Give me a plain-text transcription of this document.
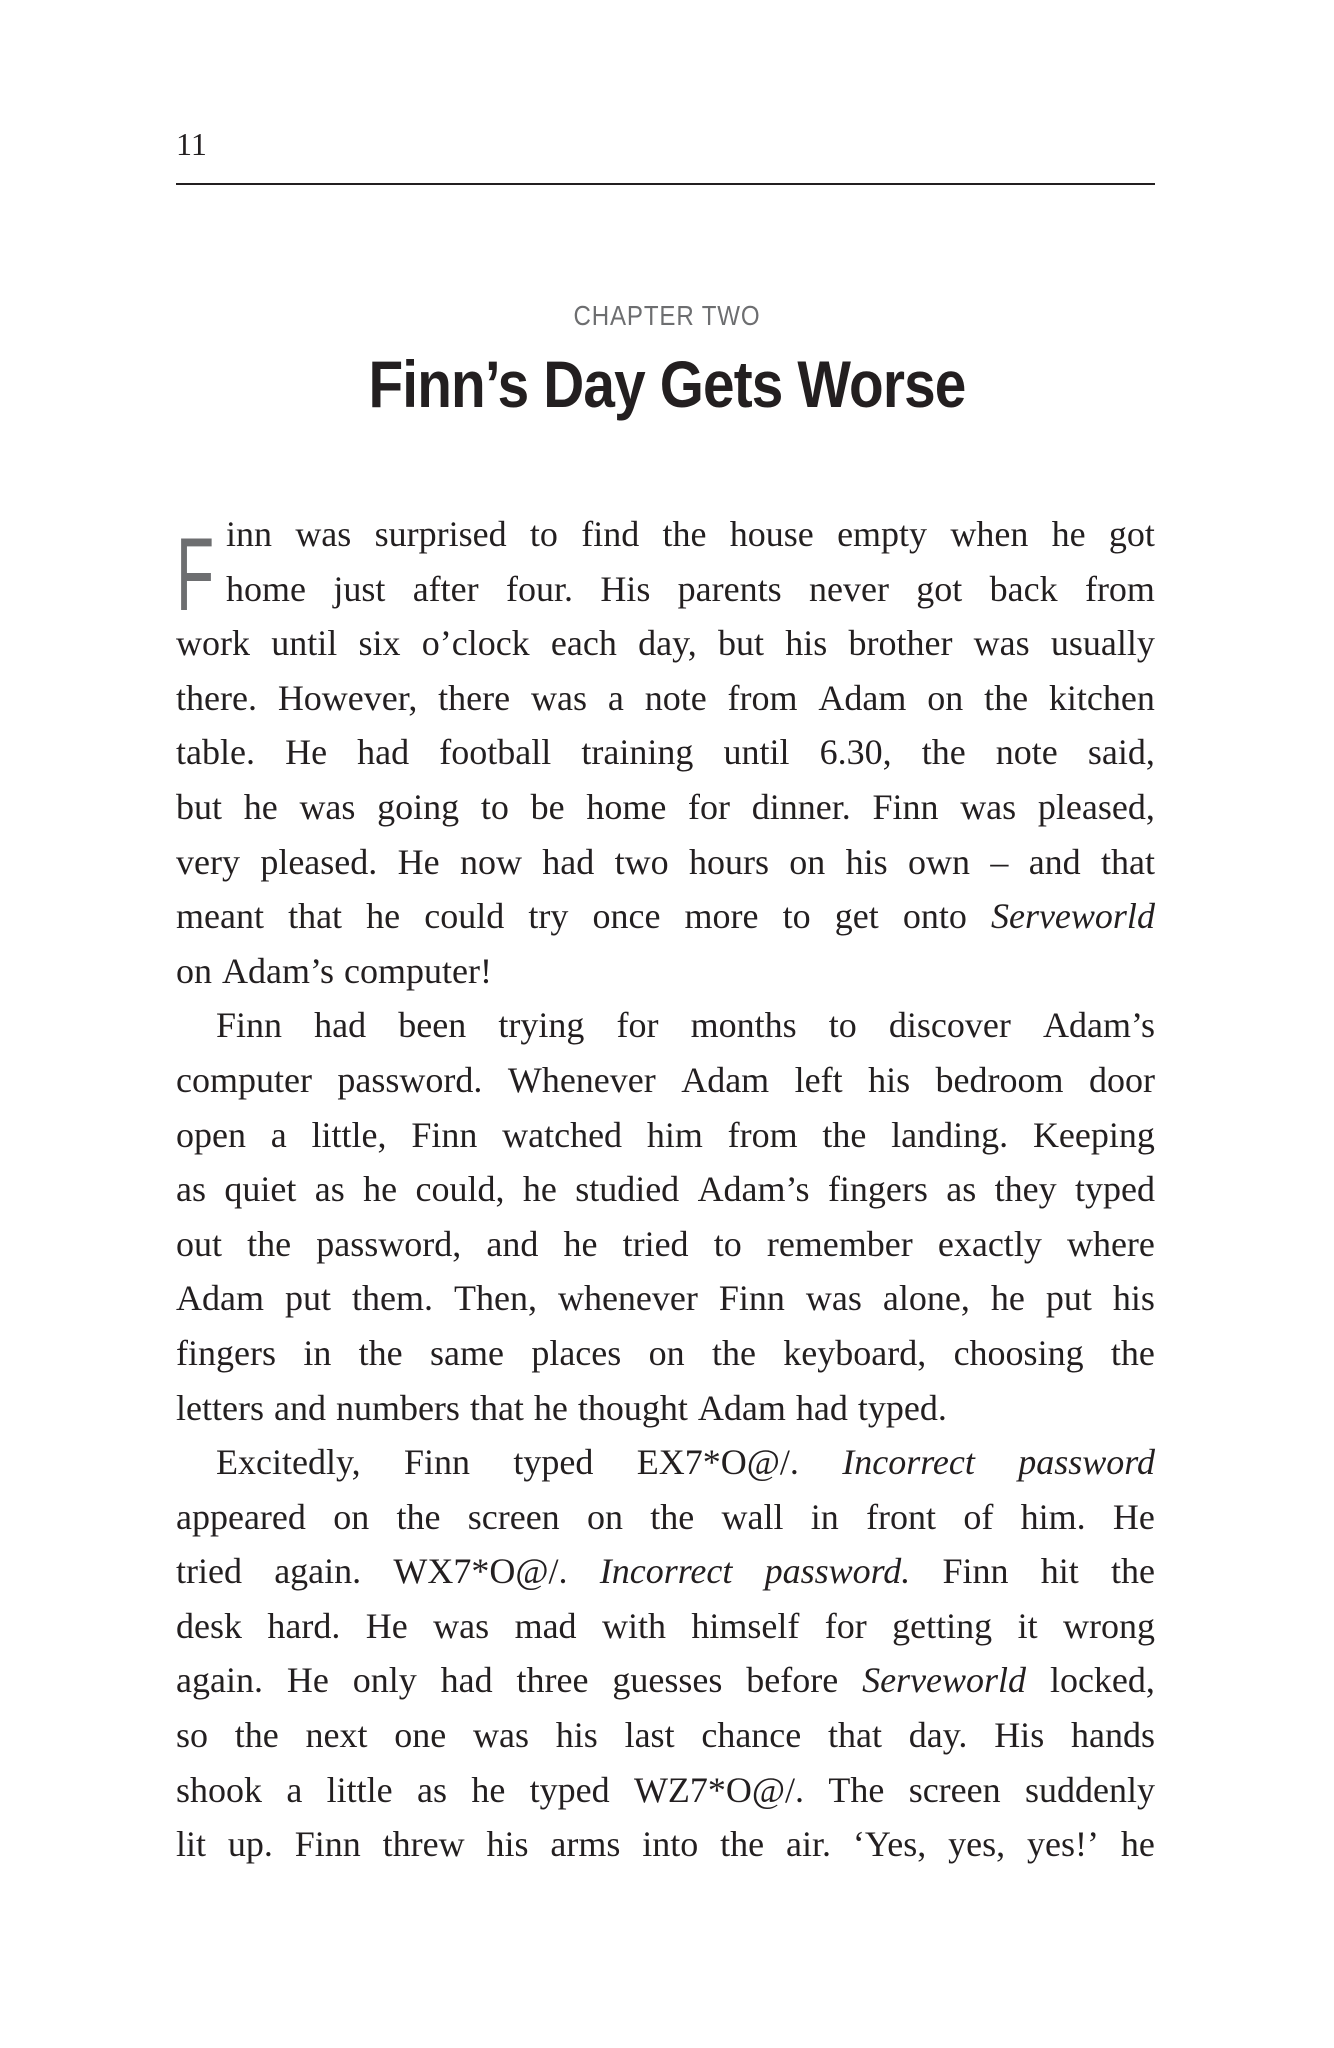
11
CHAPTER TWO
Finn’s Day Gets Worse
F inn was surprised to find the house empty when he got
home just after four. His parents never got back from
work until six o’clock each day, but his brother was usually
there. However, there was a note from Adam on the kitchen
table. He had football training until 6.30, the note said,
but he was going to be home for dinner. Finn was pleased,
very pleased. He now had two hours on his own – and that
meant that he could try once more to get onto Serveworld
on Adam’s computer!
Finn had been trying for months to discover Adam’s
computer password. Whenever Adam left his bedroom door
open a little, Finn watched him from the landing. Keeping
as quiet as he could, he studied Adam’s fingers as they typed
out the password, and he tried to remember exactly where
Adam put them. Then, whenever Finn was alone, he put his
fingers in the same places on the keyboard, choosing the
letters and numbers that he thought Adam had typed.
Excitedly, Finn typed EX7*O@/. Incorrect password
appeared on the screen on the wall in front of him. He
tried again. WX7*O@/. Incorrect password. Finn hit the
desk hard. He was mad with himself for getting it wrong
again. He only had three guesses before Serveworld locked,
so the next one was his last chance that day. His hands
shook a little as he typed WZ7*O@/. The screen suddenly
lit up. Finn threw his arms into the air. ‘Yes, yes, yes!’ he
